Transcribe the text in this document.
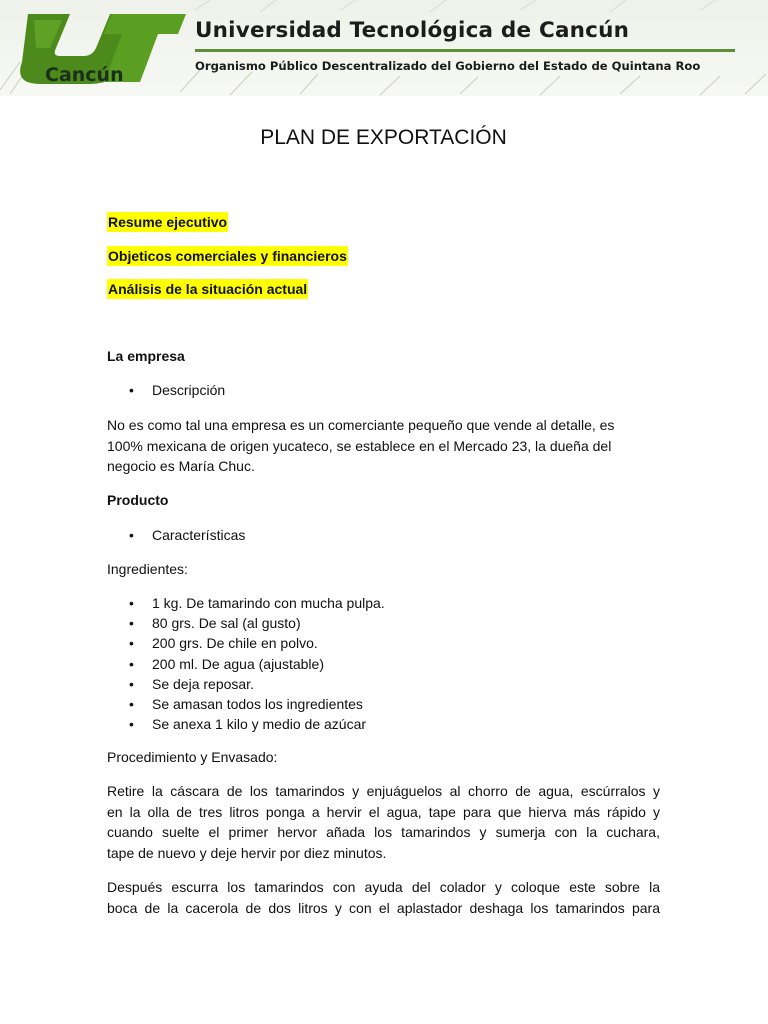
Cancún
Universidad Tecnológica de Cancún
Organismo Público Descentralizado del Gobierno del Estado de Quintana Roo
PLAN DE EXPORTACIÓN
Resume ejecutivo
Objeticos comerciales y financieros
Análisis de la situación actual
La empresa
• Descripción
No es como tal una empresa es un comerciante pequeño que vende al detalle, es
100% mexicana de origen yucateco, se establece en el Mercado 23, la dueña del
negocio es María Chuc.
Producto
• Características
Ingredientes:
• 1 kg. De tamarindo con mucha pulpa.
• 80 grs. De sal (al gusto)
• 200 grs. De chile en polvo.
• 200 ml. De agua (ajustable)
• Se deja reposar.
• Se amasan todos los ingredientes
• Se anexa 1 kilo y medio de azúcar
Procedimiento y Envasado:
Retire la cáscara de los tamarindos y enjuáguelos al chorro de agua, escúrralos y
en la olla de tres litros ponga a hervir el agua, tape para que hierva más rápido y
cuando suelte el primer hervor añada los tamarindos y sumerja con la cuchara,
tape de nuevo y deje hervir por diez minutos.
Después escurra los tamarindos con ayuda del colador y coloque este sobre la
boca de la cacerola de dos litros y con el aplastador deshaga los tamarindos para
